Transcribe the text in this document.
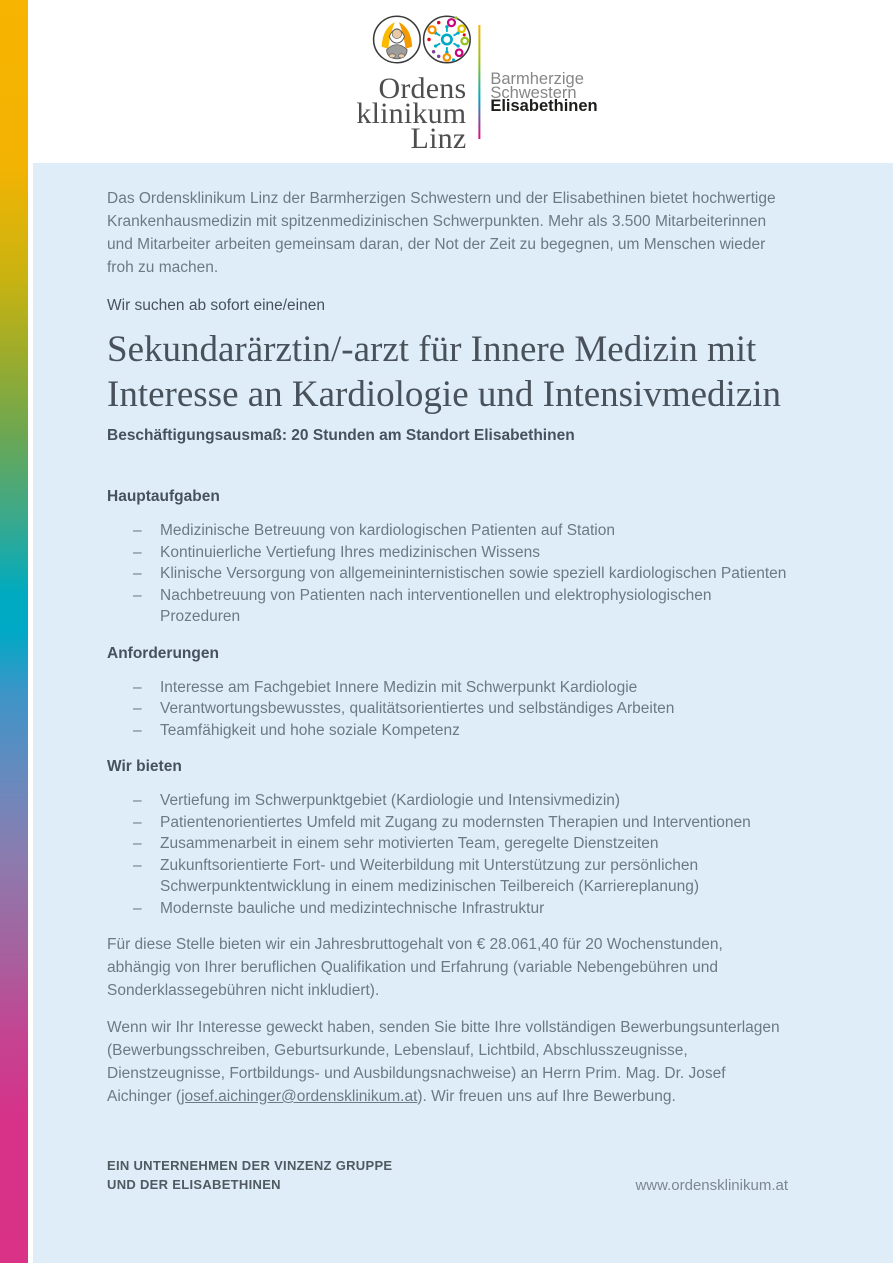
Ordens
klinikum
Linz
Barmherzige
Schwestern
Elisabethinen

Das Ordensklinikum Linz der Barmherzigen Schwestern und der Elisabethinen bietet hochwertige Krankenhausmedizin mit spitzenmedizinischen Schwerpunkten. Mehr als 3.500 Mitarbeiterinnen und Mitarbeiter arbeiten gemeinsam daran, der Not der Zeit zu begegnen, um Menschen wieder froh zu machen.

Wir suchen ab sofort eine/einen

Sekundarärztin/-arzt für Innere Medizin mit Interesse an Kardiologie und Intensivmedizin

Beschäftigungsausmaß: 20 Stunden am Standort Elisabethinen

Hauptaufgaben
– Medizinische Betreuung von kardiologischen Patienten auf Station
– Kontinuierliche Vertiefung Ihres medizinischen Wissens
– Klinische Versorgung von allgemeininternistischen sowie speziell kardiologischen Patienten
– Nachbetreuung von Patienten nach interventionellen und elektrophysiologischen Prozeduren
Anforderungen
– Interesse am Fachgebiet Innere Medizin mit Schwerpunkt Kardiologie
– Verantwortungsbewusstes, qualitätsorientiertes und selbständiges Arbeiten
– Teamfähigkeit und hohe soziale Kompetenz
Wir bieten
– Vertiefung im Schwerpunktgebiet (Kardiologie und Intensivmedizin)
– Patientenorientiertes Umfeld mit Zugang zu modernsten Therapien und Interventionen
– Zusammenarbeit in einem sehr motivierten Team, geregelte Dienstzeiten
– Zukunftsorientierte Fort- und Weiterbildung mit Unterstützung zur persönlichen Schwerpunktentwicklung in einem medizinischen Teilbereich (Karriereplanung)
– Modernste bauliche und medizintechnische Infrastruktur

Für diese Stelle bieten wir ein Jahresbruttogehalt von € 28.061,40 für 20 Wochenstunden, abhängig von Ihrer beruflichen Qualifikation und Erfahrung (variable Nebengebühren und Sonderklassegebühren nicht inkludiert).

Wenn wir Ihr Interesse geweckt haben, senden Sie bitte Ihre vollständigen Bewerbungsunterlagen (Bewerbungsschreiben, Geburtsurkunde, Lebenslauf, Lichtbild, Abschlusszeugnisse, Dienstzeugnisse, Fortbildungs- und Ausbildungsnachweise) an Herrn Prim. Mag. Dr. Josef Aichinger (josef.aichinger@ordensklinikum.at). Wir freuen uns auf Ihre Bewerbung.

EIN UNTERNEHMEN DER VINZENZ GRUPPE
UND DER ELISABETHINEN	www.ordensklinikum.at
